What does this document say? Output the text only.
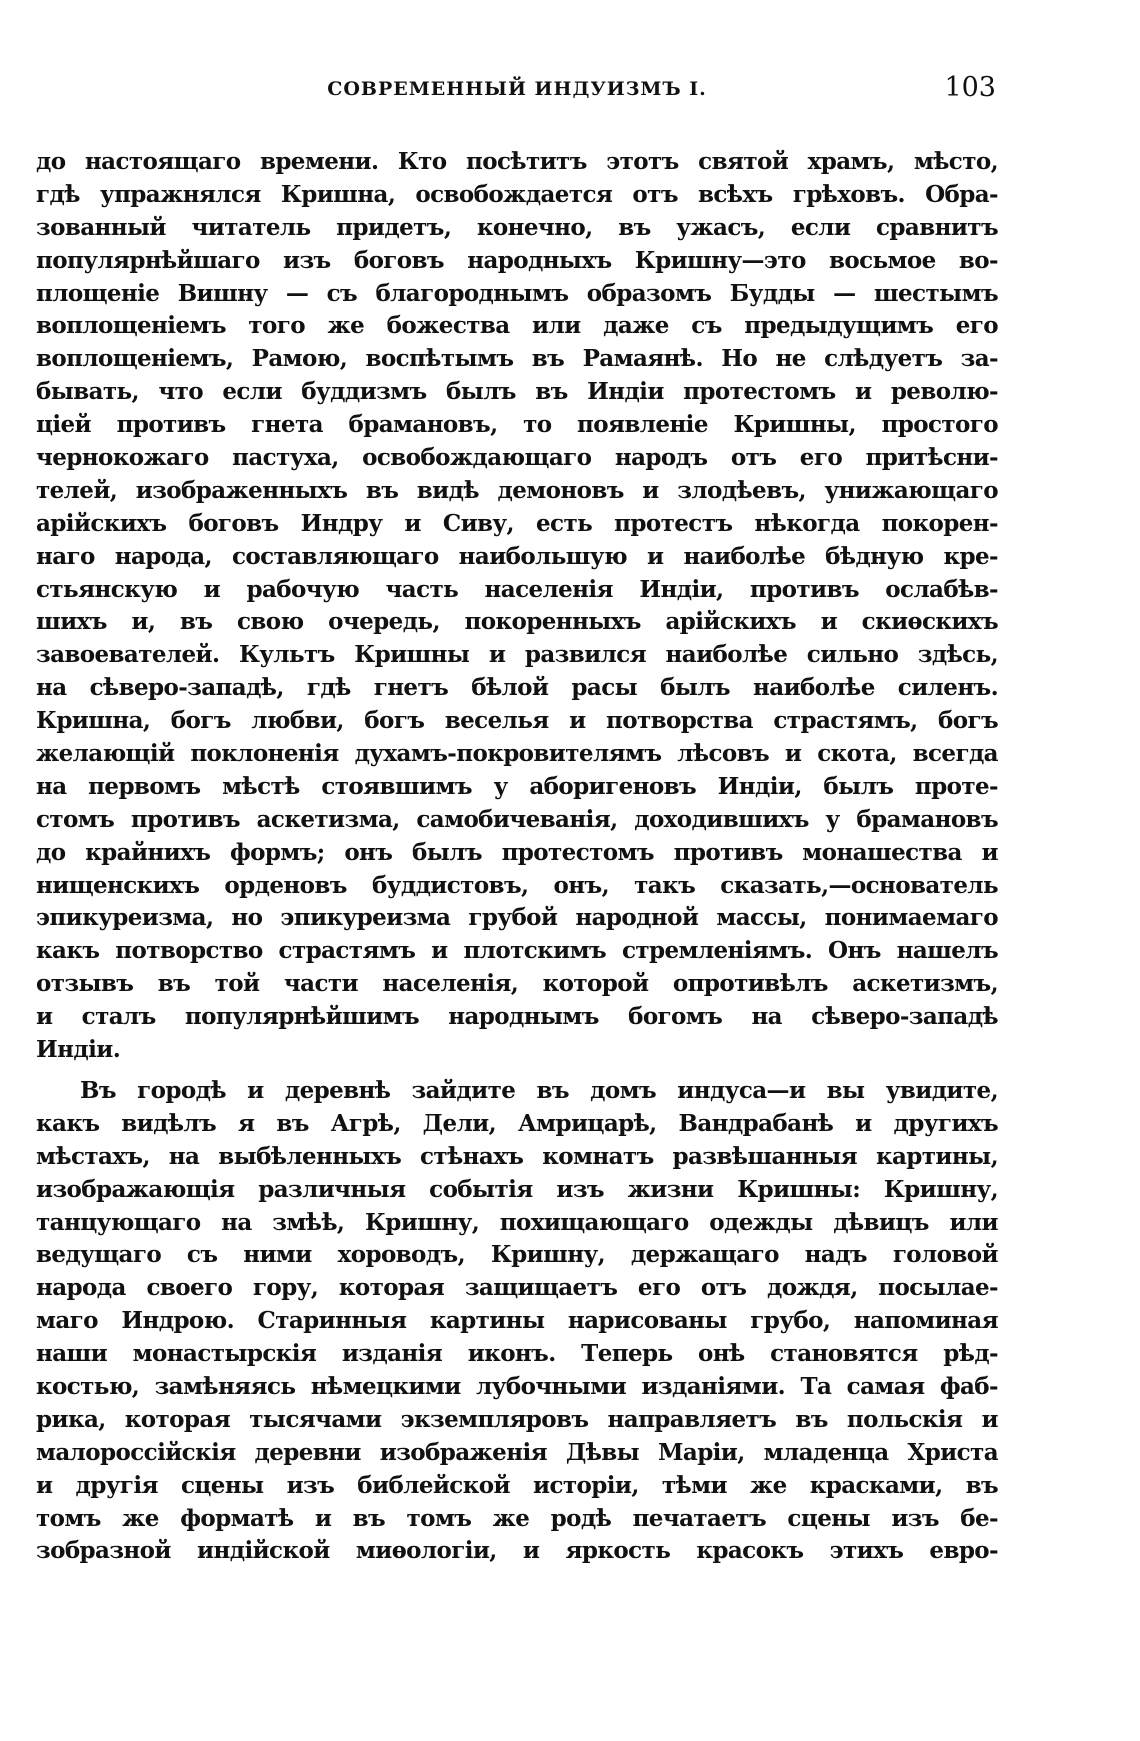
СОВРЕМЕННЫЙ ИНДУИЗМЪ І.	103
до настоящаго времени. Кто посѣтитъ этотъ святой храмъ, мѣсто,
гдѣ упражнялся Кришна, освобождается отъ всѣхъ грѣховъ. Обра-
зованный читатель придетъ, конечно, въ ужасъ, если сравнитъ
популярнѣйшаго изъ боговъ народныхъ Кришну—это восьмое во-
площеніе Вишну — съ благороднымъ образомъ Будды — шестымъ
воплощеніемъ того же божества или даже съ предыдущимъ его
воплощеніемъ, Рамою, воспѣтымъ въ Рамаянѣ. Но не слѣдуетъ за-
бывать, что если буддизмъ былъ въ Индіи протестомъ и револю-
ціей противъ гнета брамановъ, то появленіе Кришны, простого
чернокожаго пастуха, освобождающаго народъ отъ его притѣсни-
телей, изображенныхъ въ видѣ демоновъ и злодѣевъ, унижающаго
арійскихъ боговъ Индру и Сиву, есть протестъ нѣкогда покорен-
наго народа, составляющаго наибольшую и наиболѣе бѣдную кре-
стьянскую и рабочую часть населенія Индіи, противъ ослабѣв-
шихъ и, въ свою очередь, покоренныхъ арійскихъ и скиѳскихъ
завоевателей. Культъ Кришны и развился наиболѣе сильно здѣсь,
на сѣверо-западѣ, гдѣ гнетъ бѣлой расы былъ наиболѣе силенъ.
Кришна, богъ любви, богъ веселья и потворства страстямъ, богъ
желающій поклоненія духамъ-покровителямъ лѣсовъ и скота, всегда
на первомъ мѣстѣ стоявшимъ у аборигеновъ Индіи, былъ проте-
стомъ противъ аскетизма, самобичеванія, доходившихъ у брамановъ
до крайнихъ формъ; онъ былъ протестомъ противъ монашества и
нищенскихъ орденовъ буддистовъ, онъ, такъ сказать,—основатель
эпикуреизма, но эпикуреизма грубой народной массы, понимаемаго
какъ потворство страстямъ и плотскимъ стремленіямъ. Онъ нашелъ
отзывъ въ той части населенія, которой опротивѣлъ аскетизмъ,
и сталъ популярнѣйшимъ народнымъ богомъ на сѣверо-западѣ
Индіи.
Въ городѣ и деревнѣ зайдите въ домъ индуса—и вы увидите,
какъ видѣлъ я въ Агрѣ, Дели, Амрицарѣ, Вандрабанѣ и другихъ
мѣстахъ, на выбѣленныхъ стѣнахъ комнатъ развѣшанныя картины,
изображающія различныя событія изъ жизни Кришны: Кришну,
танцующаго на змѣѣ, Кришну, похищающаго одежды дѣвицъ или
ведущаго съ ними хороводъ, Кришну, держащаго надъ головой
народа своего гору, которая защищаетъ его отъ дождя, посылае-
маго Индрою. Старинныя картины нарисованы грубо, напоминая
наши монастырскія изданія иконъ. Теперь онѣ становятся рѣд-
костью, замѣняясь нѣмецкими лубочными изданіями. Та самая фаб-
рика, которая тысячами экземпляровъ направляетъ въ польскія и
малороссійскія деревни изображенія Дѣвы Маріи, младенца Христа
и другія сцены изъ библейской исторіи, тѣми же красками, въ
томъ же форматѣ и въ томъ же родѣ печатаетъ сцены изъ бе-
зобразной индійской миѳологіи, и яркость красокъ этихъ евро-
